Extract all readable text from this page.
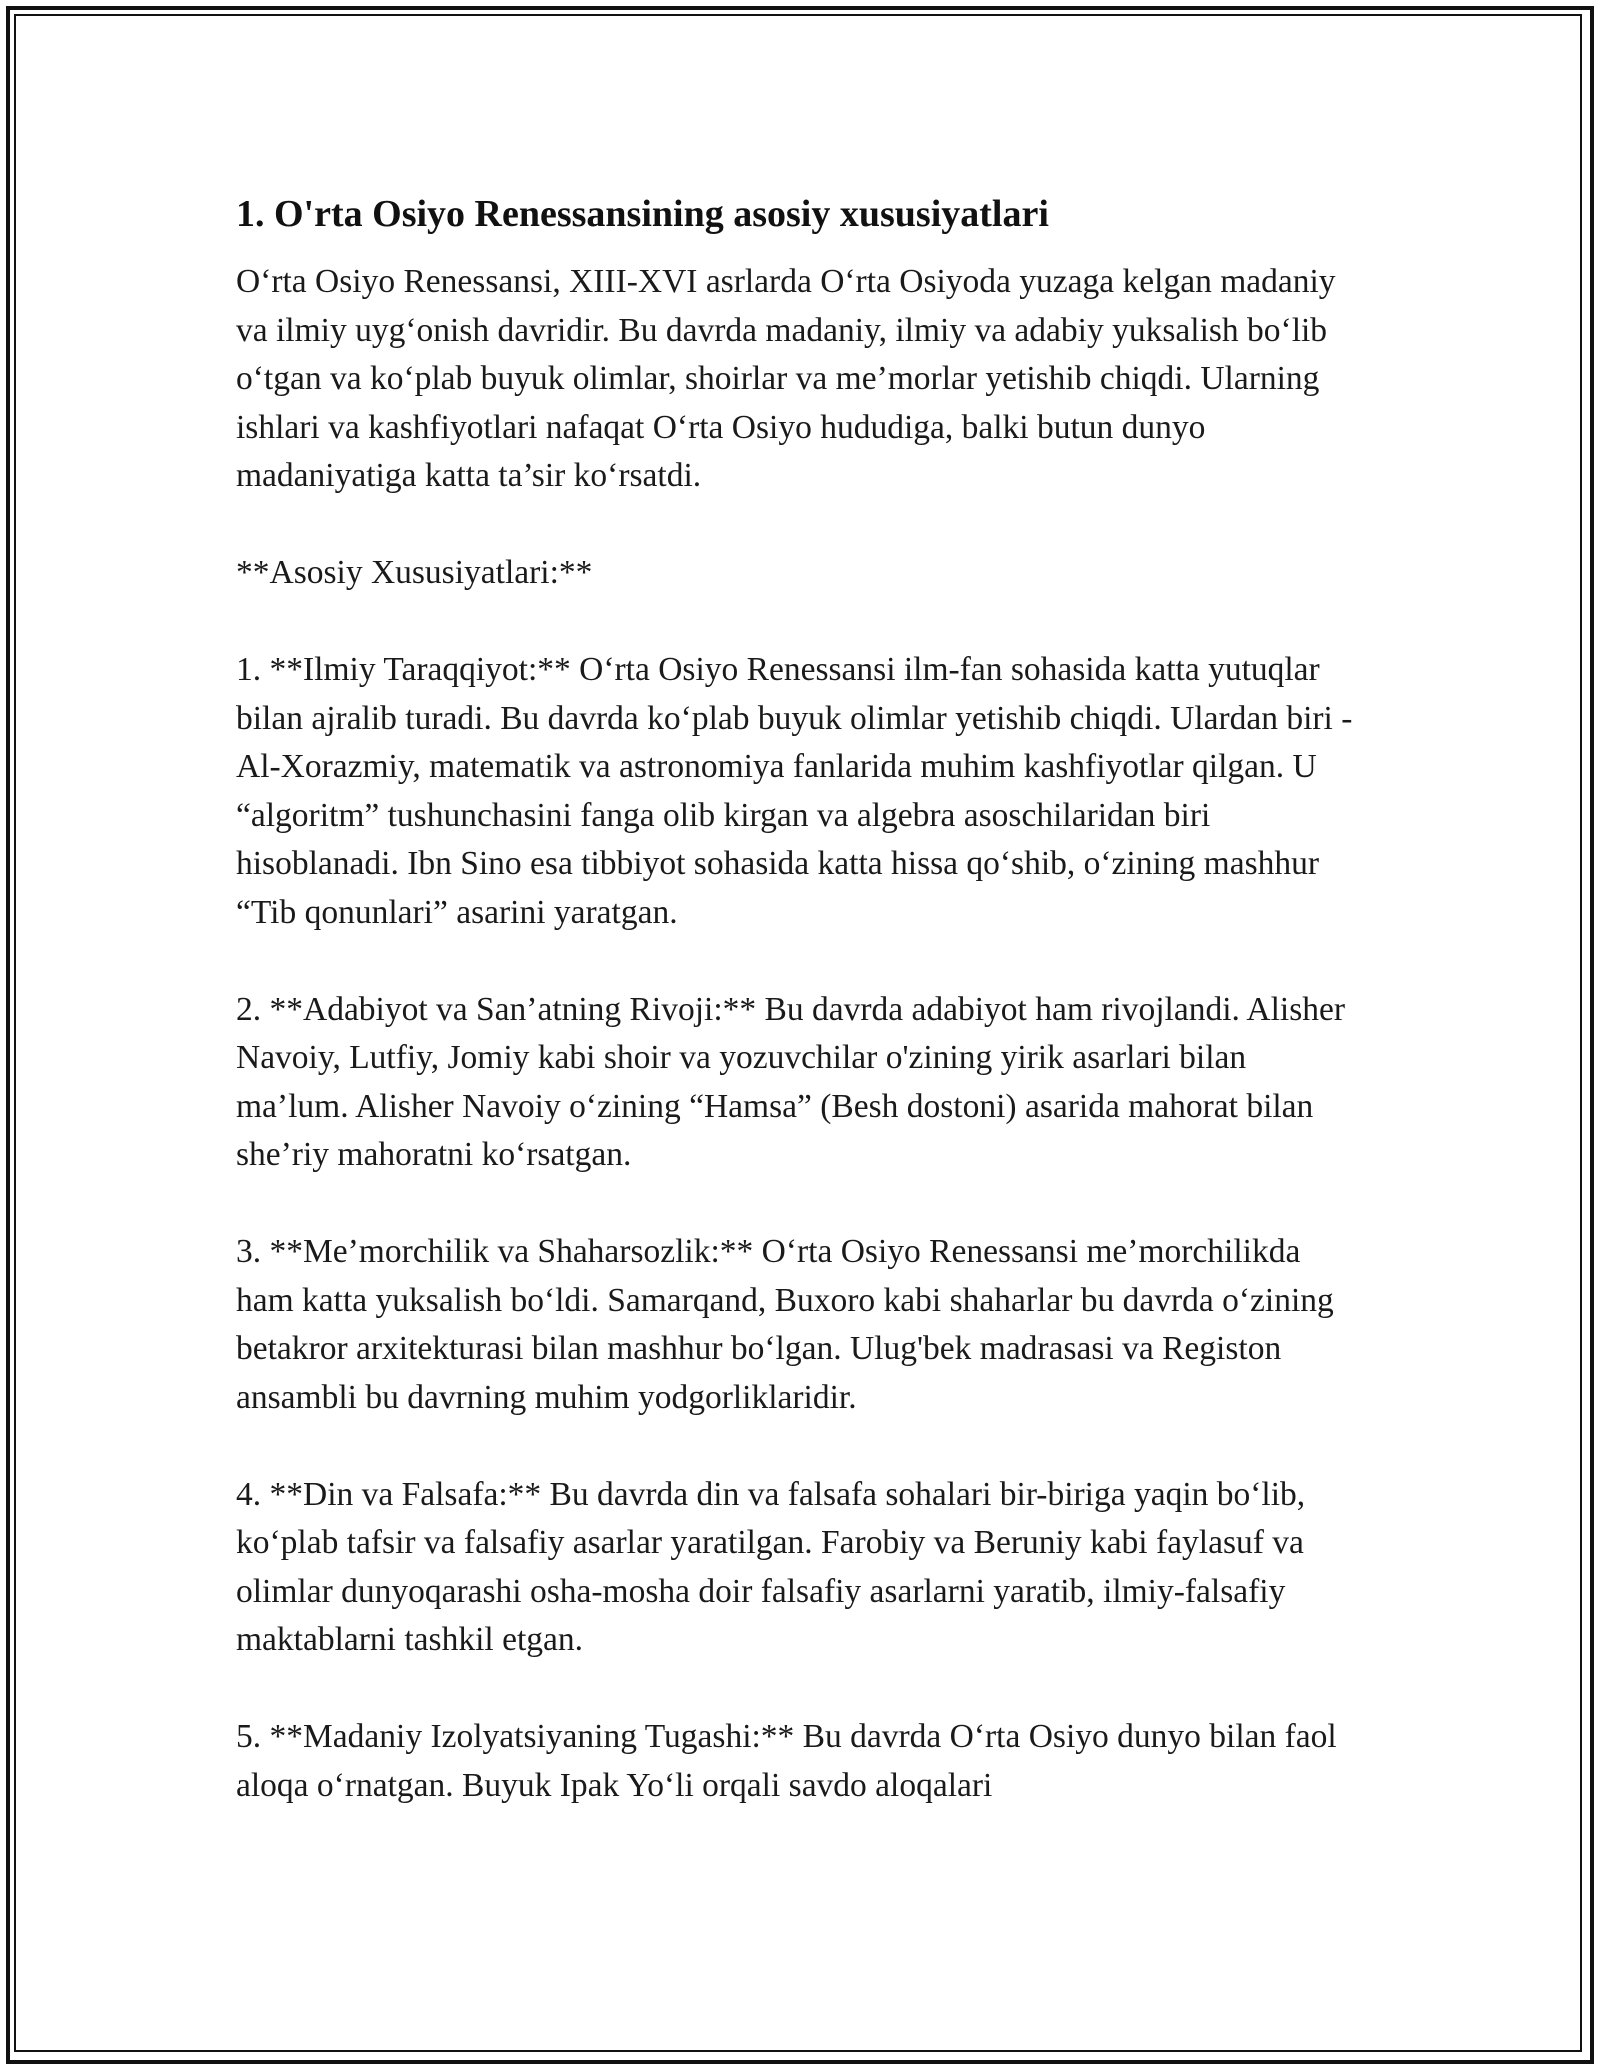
1. O'rta Osiyo Renessansining asosiy xususiyatlari

O‘rta Osiyo Renessansi, XIII-XVI asrlarda O‘rta Osiyoda yuzaga kelgan madaniy va ilmiy uyg‘onish davridir. Bu davrda madaniy, ilmiy va adabiy yuksalish bo‘lib o‘tgan va ko‘plab buyuk olimlar, shoirlar va me’morlar yetishib chiqdi. Ularning ishlari va kashfiyotlari nafaqat O‘rta Osiyo hududiga, balki butun dunyo madaniyatiga katta ta’sir ko‘rsatdi.

**Asosiy Xususiyatlari:**

1. **Ilmiy Taraqqiyot:** O‘rta Osiyo Renessansi ilm-fan sohasida katta yutuqlar bilan ajralib turadi. Bu davrda ko‘plab buyuk olimlar yetishib chiqdi. Ulardan biri - Al-Xorazmiy, matematik va astronomiya fanlarida muhim kashfiyotlar qilgan. U “algoritm” tushunchasini fanga olib kirgan va algebra asoschilaridan biri hisoblanadi. Ibn Sino esa tibbiyot sohasida katta hissa qo‘shib, o‘zining mashhur “Tib qonunlari” asarini yaratgan.

2. **Adabiyot va San’atning Rivoji:** Bu davrda adabiyot ham rivojlandi. Alisher Navoiy, Lutfiy, Jomiy kabi shoir va yozuvchilar o'zining yirik asarlari bilan ma’lum. Alisher Navoiy o‘zining “Hamsa” (Besh dostoni) asarida mahorat bilan she’riy mahoratni ko‘rsatgan.

3. **Me’morchilik va Shaharsozlik:** O‘rta Osiyo Renessansi me’morchilikda ham katta yuksalish bo‘ldi. Samarqand, Buxoro kabi shaharlar bu davrda o‘zining betakror arxitekturasi bilan mashhur bo‘lgan. Ulug'bek madrasasi va Registon ansambli bu davrning muhim yodgorliklaridir.

4. **Din va Falsafa:** Bu davrda din va falsafa sohalari bir-biriga yaqin bo‘lib, ko‘plab tafsir va falsafiy asarlar yaratilgan. Farobiy va Beruniy kabi faylasuf va olimlar dunyoqarashi osha-mosha doir falsafiy asarlarni yaratib, ilmiy-falsafiy maktablarni tashkil etgan.

5. **Madaniy Izolyatsiyaning Tugashi:** Bu davrda O‘rta Osiyo dunyo bilan faol aloqa o‘rnatgan. Buyuk Ipak Yo‘li orqali savdo aloqalari
